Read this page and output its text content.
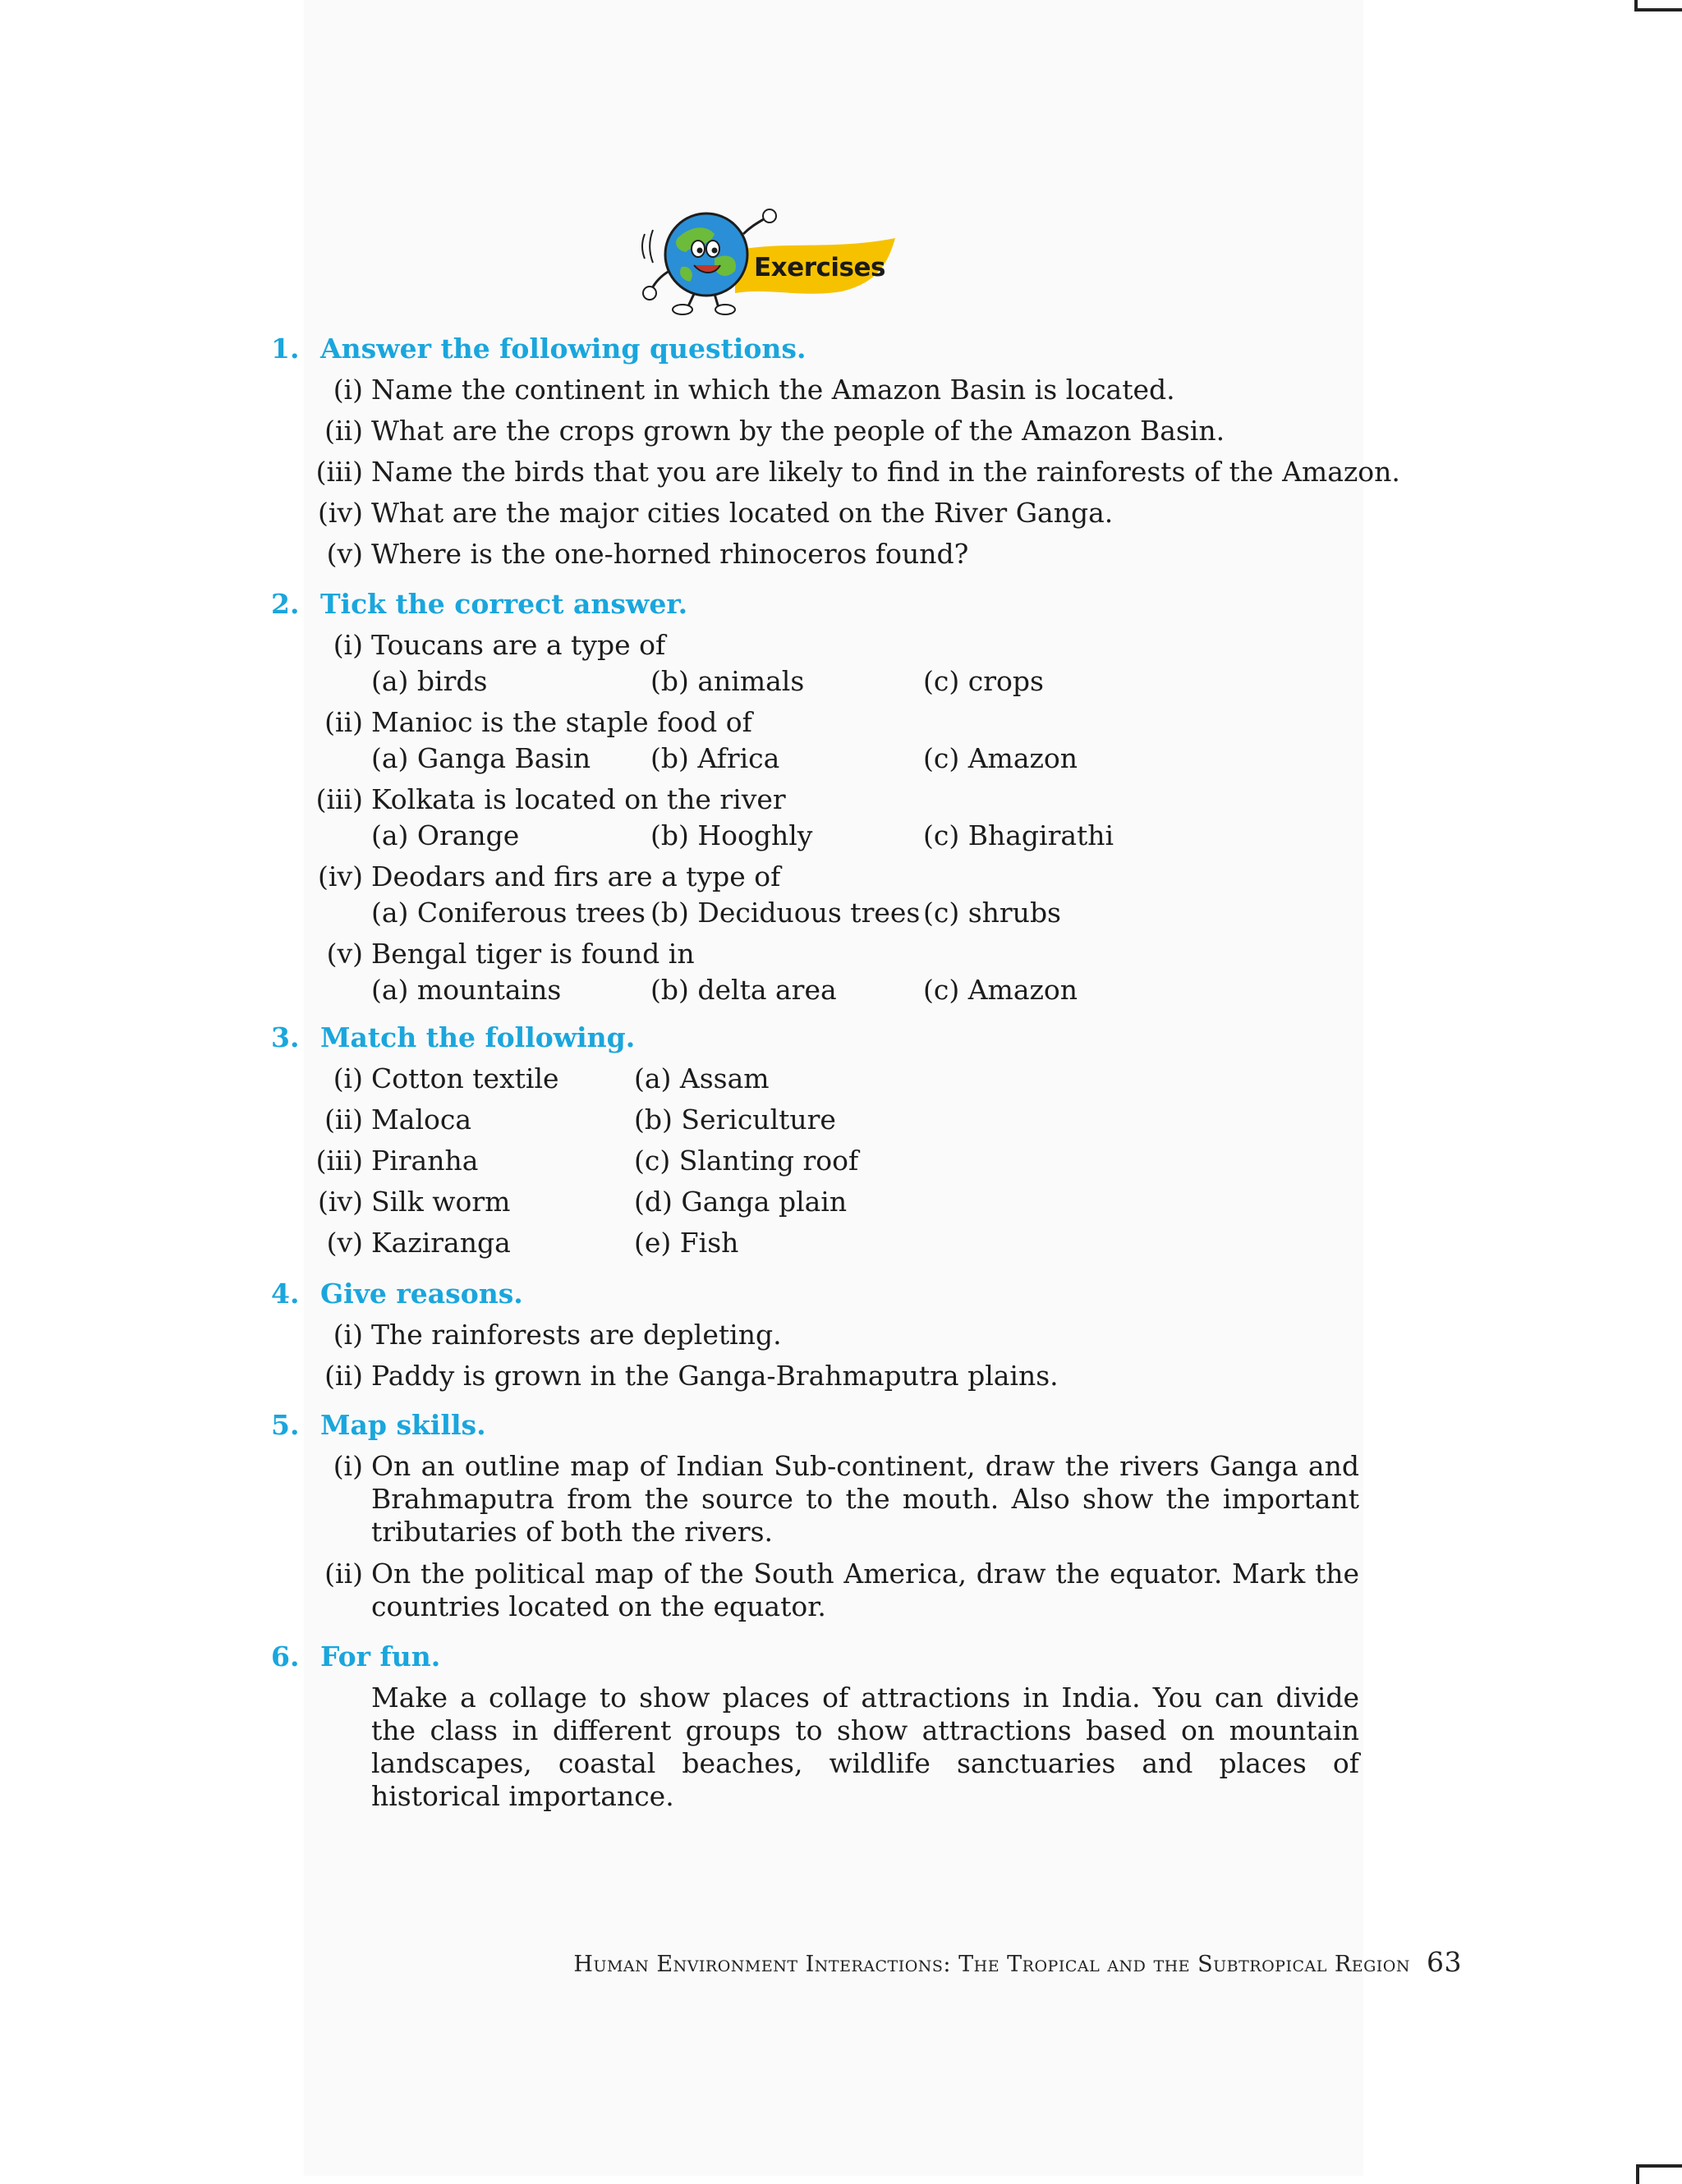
Exercises
1. Answer the following questions.
(i) Name the continent in which the Amazon Basin is located.
(ii) What are the crops grown by the people of the Amazon Basin.
(iii) Name the birds that you are likely to find in the rainforests of the Amazon.
(iv) What are the major cities located on the River Ganga.
(v) Where is the one-horned rhinoceros found?
2. Tick the correct answer.
(i) Toucans are a type of
(a) birds	(b) animals	(c) crops
(ii) Manioc is the staple food of
(a) Ganga Basin (b) Africa	(c) Amazon
(iii) Kolkata is located on the river
(a) Orange	(b) Hooghly	(c) Bhagirathi
(iv) Deodars and firs are a type of
(a) Coniferous trees (b) Deciduous trees (c) shrubs
(v) Bengal tiger is found in
(a) mountains	(b) delta area	(c) Amazon
3. Match the following.
(i) Cotton textile	(a) Assam
(ii) Maloca	(b) Sericulture
(iii) Piranha	(c) Slanting roof
(iv) Silk worm	(d) Ganga plain
(v) Kaziranga	(e) Fish
4. Give reasons.
(i) The rainforests are depleting.
(ii) Paddy is grown in the Ganga-Brahmaputra plains.
5. Map skills.
(i) On an outline map of Indian Sub-continent, draw the rivers Ganga and Brahmaputra from the source to the mouth. Also show the important tributaries of both the rivers.
(ii) On the political map of the South America, draw the equator. Mark the countries located on the equator.
6. For fun.
Make a collage to show places of attractions in India. You can divide the class in different groups to show attractions based on mountain landscapes, coastal beaches, wildlife sanctuaries and places of historical importance.
Human Environment Interactions: The Tropical and the Subtropical Region 63
